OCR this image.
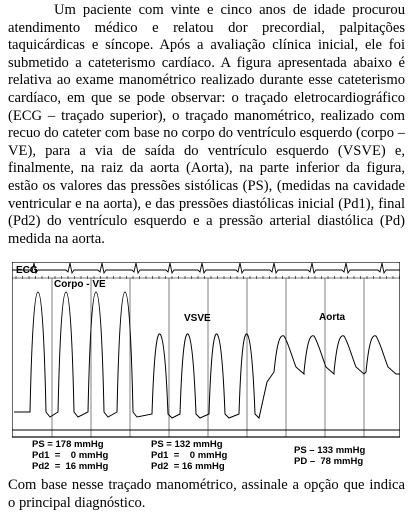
Um paciente com vinte e cinco anos de idade procurou atendimento médico e relatou dor precordial, palpitações taquicárdicas e síncope. Após a avaliação clínica inicial, ele foi submetido a cateterismo cardíaco. A figura apresentada abaixo é relativa ao exame manométrico realizado durante esse cateterismo cardíaco, em que se pode observar: o traçado eletrocardiográfico (ECG – traçado superior), o traçado manométrico, realizado com recuo do cateter com base no corpo do ventrículo esquerdo (corpo – VE), para a via de saída do ventrículo esquerdo (VSVE) e, finalmente, na raiz da aorta (Aorta), na parte inferior da figura, estão os valores das pressões sistólicas (PS), (medidas na cavidade ventricular e na aorta), e das pressões diastólicas inicial (Pd1), final (Pd2) do ventrículo esquerdo e a pressão arterial diastólica (Pd) medida na aorta.

ECG
Corpo - VE
VSVE	Aorta
PS = 178 mmHg
Pd1  =    0 mmHg
Pd2  =  16 mmHg
PS = 132 mmHg
Pd1  =    0 mmHg
Pd2  = 16 mmHg
PS – 133 mmHg
PD –  78 mmHg

Com base nesse traçado manométrico, assinale a opção que indica o principal diagnóstico.
